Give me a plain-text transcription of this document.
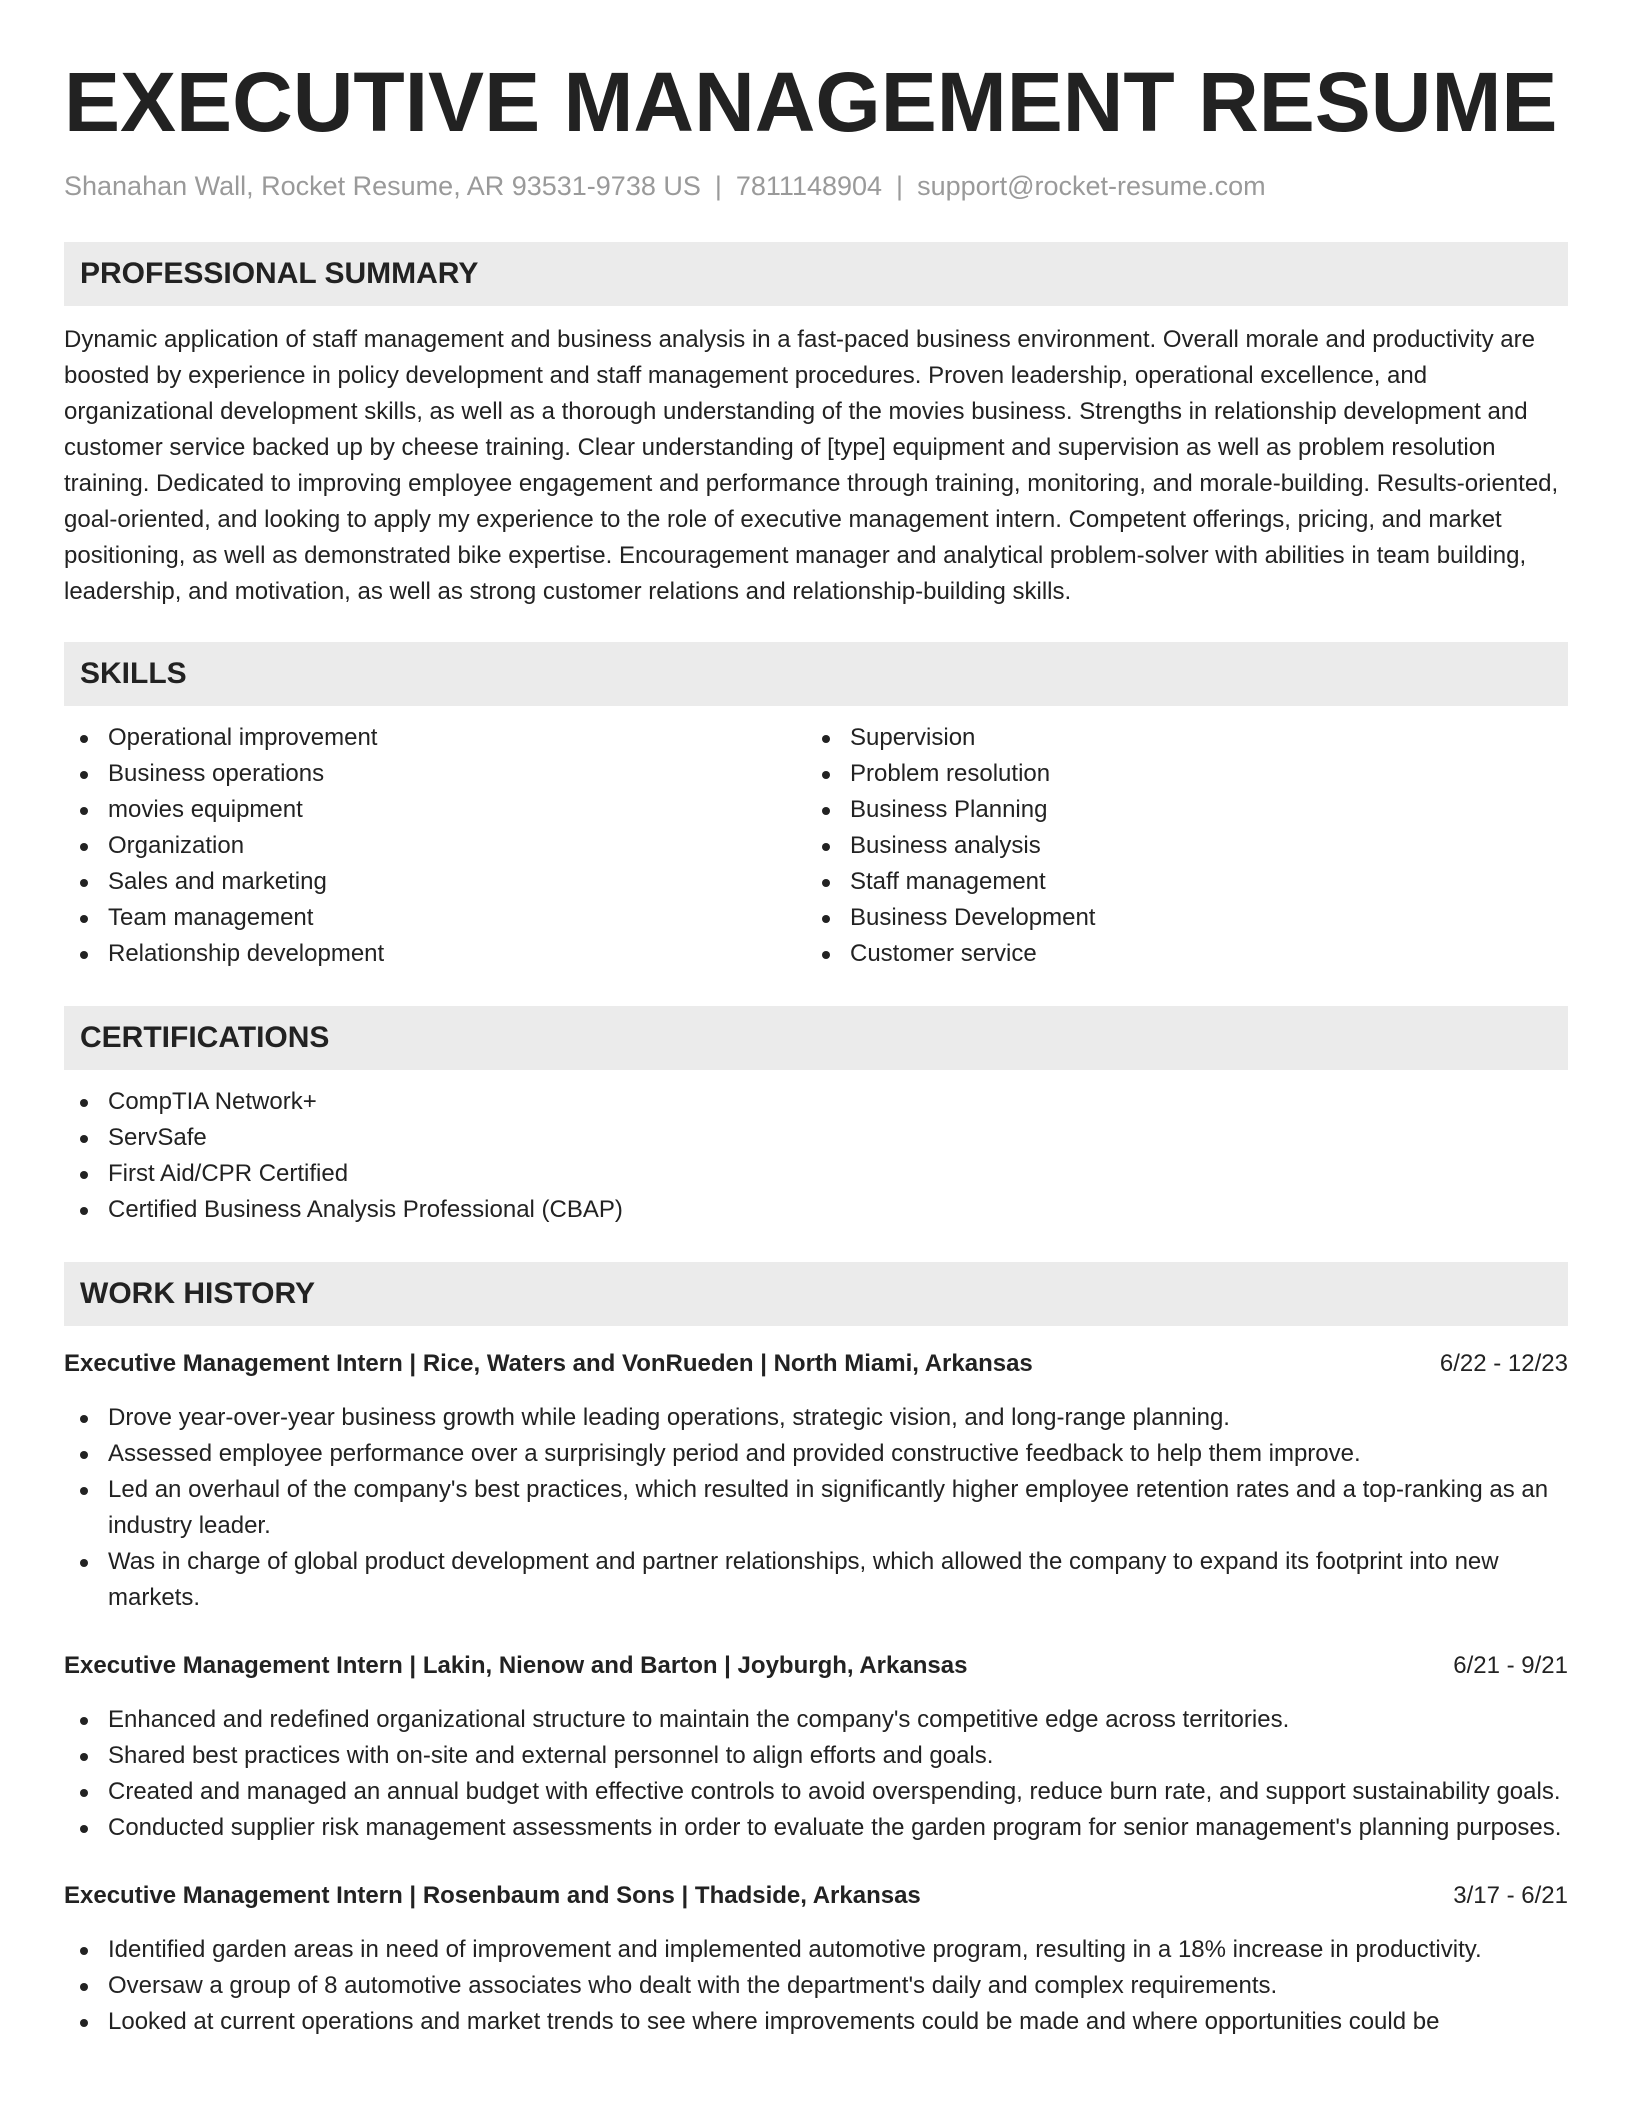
EXECUTIVE MANAGEMENT RESUME
Shanahan Wall, Rocket Resume, AR 93531-9738 US | 7811148904 | support@rocket-resume.com
PROFESSIONAL SUMMARY
Dynamic application of staff management and business analysis in a fast-paced business environment. Overall morale and productivity are boosted by experience in policy development and staff management procedures. Proven leadership, operational excellence, and organizational development skills, as well as a thorough understanding of the movies business. Strengths in relationship development and customer service backed up by cheese training. Clear understanding of [type] equipment and supervision as well as problem resolution training. Dedicated to improving employee engagement and performance through training, monitoring, and morale-building. Results-oriented, goal-oriented, and looking to apply my experience to the role of executive management intern. Competent offerings, pricing, and market positioning, as well as demonstrated bike expertise. Encouragement manager and analytical problem-solver with abilities in team building, leadership, and motivation, as well as strong customer relations and relationship-building skills.
SKILLS
Operational improvement
Business operations
movies equipment
Organization
Sales and marketing
Team management
Relationship development
Supervision
Problem resolution
Business Planning
Business analysis
Staff management
Business Development
Customer service
CERTIFICATIONS
CompTIA Network+
ServSafe
First Aid/CPR Certified
Certified Business Analysis Professional (CBAP)
WORK HISTORY
Executive Management Intern | Rice, Waters and VonRueden | North Miami, Arkansas	6/22 - 12/23
Drove year-over-year business growth while leading operations, strategic vision, and long-range planning.
Assessed employee performance over a surprisingly period and provided constructive feedback to help them improve.
Led an overhaul of the company's best practices, which resulted in significantly higher employee retention rates and a top-ranking as an industry leader.
Was in charge of global product development and partner relationships, which allowed the company to expand its footprint into new markets.
Executive Management Intern | Lakin, Nienow and Barton | Joyburgh, Arkansas	6/21 - 9/21
Enhanced and redefined organizational structure to maintain the company's competitive edge across territories.
Shared best practices with on-site and external personnel to align efforts and goals.
Created and managed an annual budget with effective controls to avoid overspending, reduce burn rate, and support sustainability goals.
Conducted supplier risk management assessments in order to evaluate the garden program for senior management's planning purposes.
Executive Management Intern | Rosenbaum and Sons | Thadside, Arkansas	3/17 - 6/21
Identified garden areas in need of improvement and implemented automotive program, resulting in a 18% increase in productivity.
Oversaw a group of 8 automotive associates who dealt with the department's daily and complex requirements.
Looked at current operations and market trends to see where improvements could be made and where opportunities could be
